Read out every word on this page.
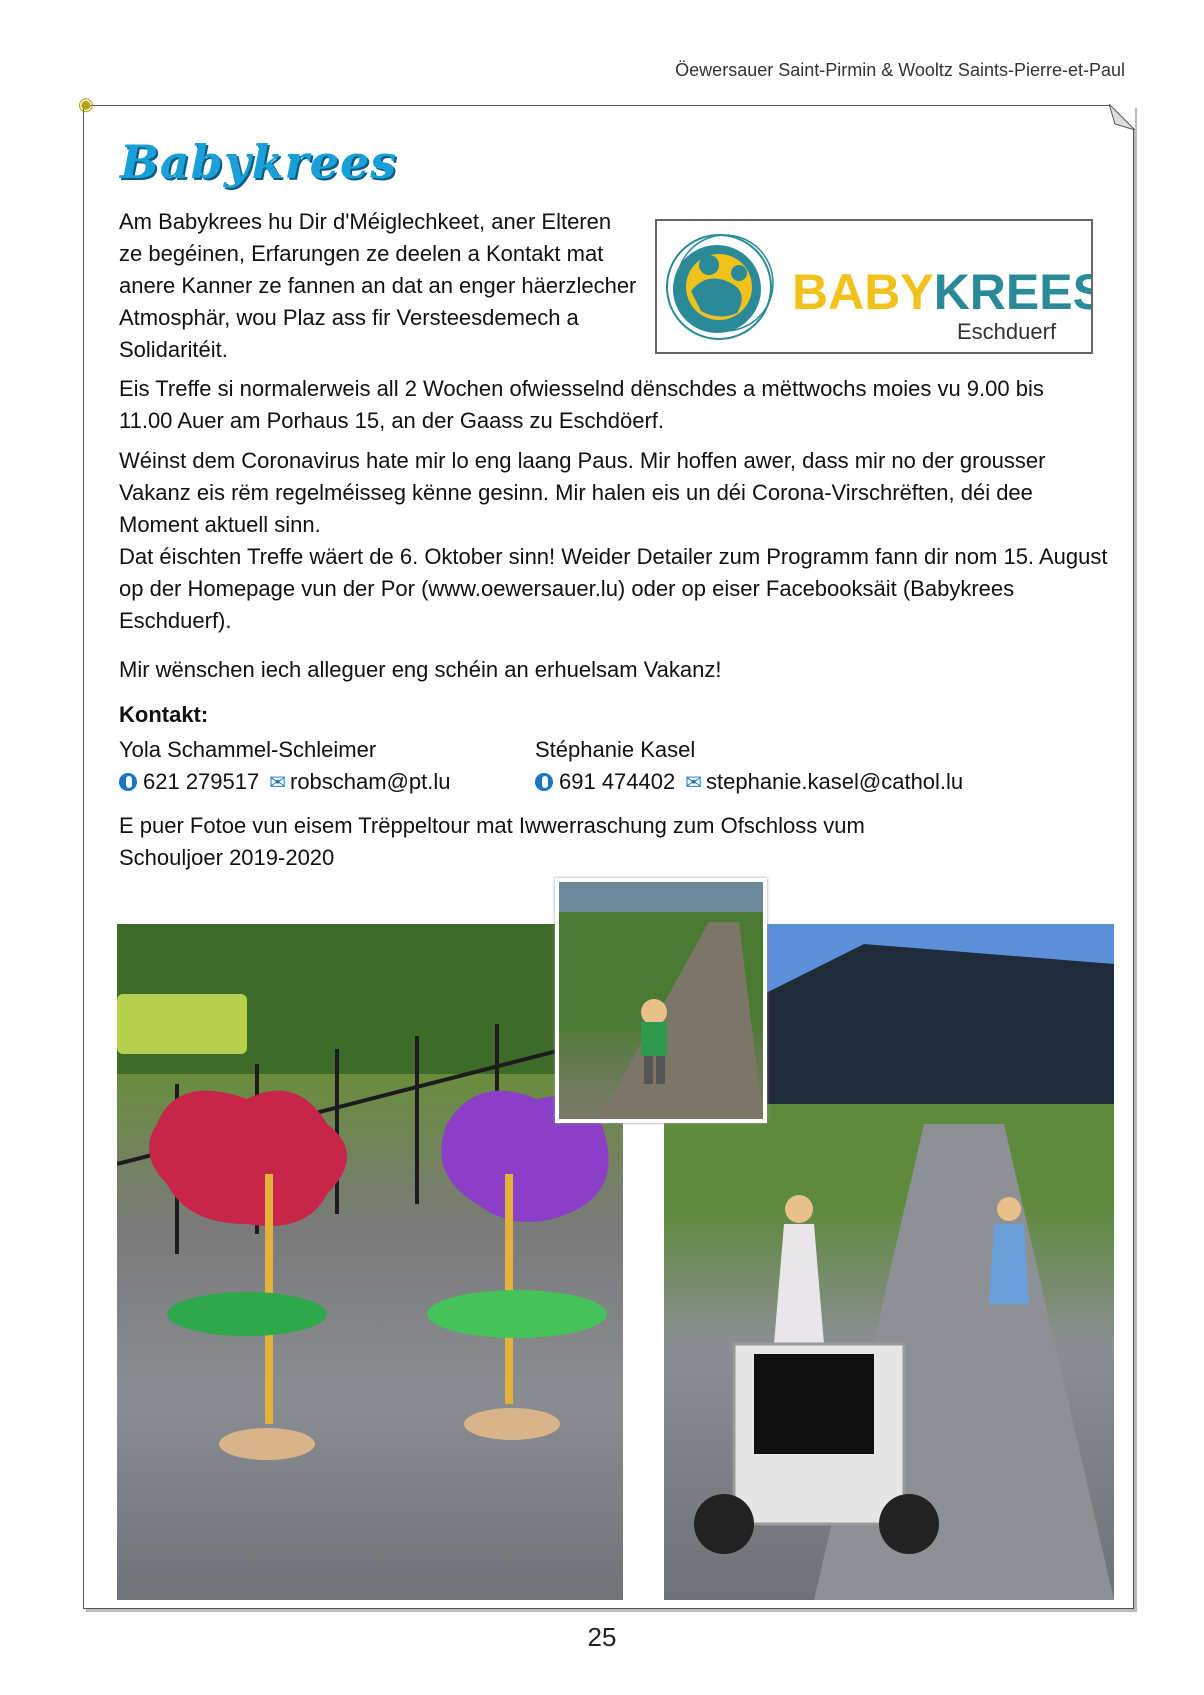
Öewersauer Saint-Pirmin & Wooltz Saints-Pierre-et-Paul
◉
Babykrees
Am Babykrees hu Dir d'Méiglechkeet, aner Elteren ze begéinen, Erfarungen ze deelen a Kontakt mat anere Kanner ze fannen an dat an enger häerzlecher Atmosphär, wou Plaz ass fir Versteesdemech a Solidaritéit.
BABYKREES
Eschduerf
Eis Treffe si normalerweis all 2 Wochen ofwiesselnd dënschdes a mëttwochs moies vu 9.00 bis 11.00 Auer am Porhaus 15, an der Gaass zu Eschdöerf.
Wéinst dem Coronavirus hate mir lo eng laang Paus. Mir hoffen awer, dass mir no der grousser Vakanz eis rëm regelméisseg kënne gesinn. Mir halen eis un déi Corona-Virschrëften, déi dee Moment aktuell sinn.
Dat éischten Treffe wäert de 6. Oktober sinn! Weider Detailer zum Programm fann dir nom 15. August op der Homepage vun der Por (www.oewersauer.lu) oder op eiser Facebooksäit (Babykrees Eschduerf).
Mir wënschen iech alleguer eng schéin an erhuelsam Vakanz!
Kontakt:
Yola Schammel-Schleimer
621 279517 ✉ robscham@pt.lu
Stéphanie Kasel
691 474402 ✉ stephanie.kasel@cathol.lu
E puer Fotoe vun eisem Trëppeltour mat Iwwerraschung zum Ofschloss vum Schouljoer 2019-2020
25
